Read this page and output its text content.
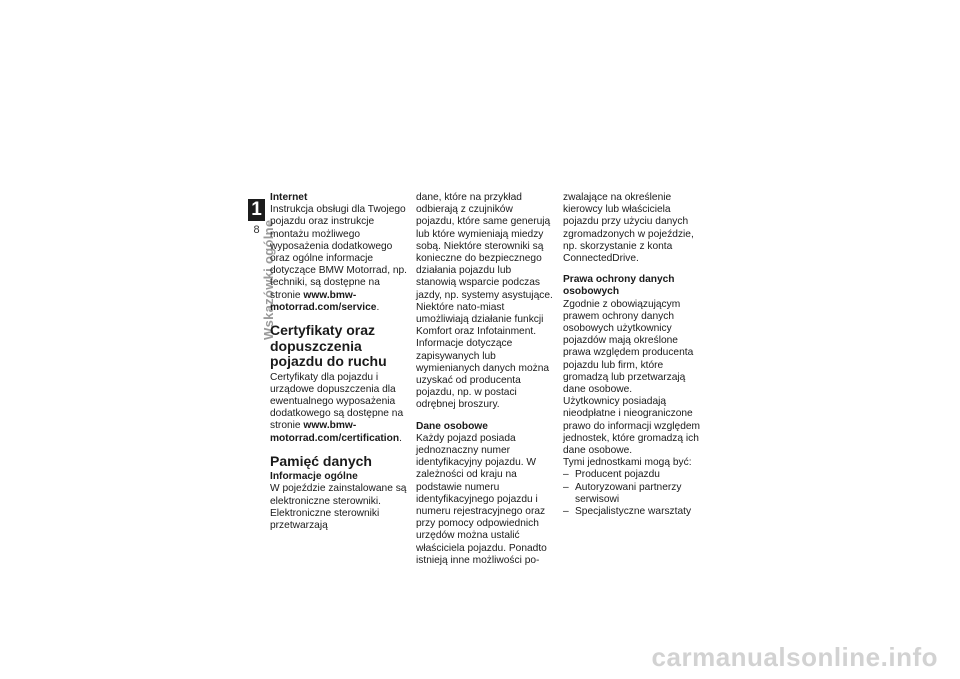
1
8 Wskazówki ogólne

Internet

Instrukcja obsługi dla Twojego pojazdu oraz instrukcje montażu możliwego wyposażenia dodatkowego oraz ogólne informacje dotyczące BMW Motorrad, np. techniki, są dostępne na stronie www.bmw-motorrad.com/service.

Certyfikaty oraz dopuszczenia pojazdu do ruchu

Certyfikaty dla pojazdu i urządowe dopuszczenia dla ewentualnego wyposażenia dodatkowego są dostępne na stronie www.bmw-motorrad.com/certification.

Pamięć danych

Informacje ogólne

W pojeździe zainstalowane są elektroniczne sterowniki. Elektroniczne sterowniki przetwarzają

dane, które na przykład odbierają z czujników pojazdu, które same generują lub które wymieniają miedzy sobą. Niektóre sterowniki są konieczne do bezpiecznego działania pojazdu lub stanowią wsparcie podczas jazdy, np. systemy asystujące. Niektóre nato-miast umożliwiają działanie funkcji Komfort oraz Infotainment. Informacje dotyczące zapisywanych lub wymienianych danych można uzyskać od producenta pojazdu, np. w postaci odrębnej broszury.

Dane osobowe

Każdy pojazd posiada jednoznaczny numer identyfikacyjny pojazdu. W zależności od kraju na podstawie numeru identyfikacyjnego pojazdu i numeru rejestracyjnego oraz przy pomocy odpowiednich urzędów można ustalić właściciela pojazdu. Ponadto istnieją inne możliwości po-

zwalające na określenie kierowcy lub właściciela pojazdu przy użyciu danych zgromadzonych w pojeździe, np. skorzystanie z konta ConnectedDrive.

Prawa ochrony danych osobowych

Zgodnie z obowiązującym prawem ochrony danych osobowych użytkownicy pojazdów mają określone prawa względem producenta pojazdu lub firm, które gromadzą lub przetwarzają dane osobowe.

Użytkownicy posiadają nieodpłatne i nieograniczone prawo do informacji względem jednostek, które gromadzą ich dane osobowe.

Tymi jednostkami mogą być:

– Producent pojazdu
– Autoryzowani partnerzy serwisowi
– Specjalistyczne warsztaty
carmanualsonline.info
